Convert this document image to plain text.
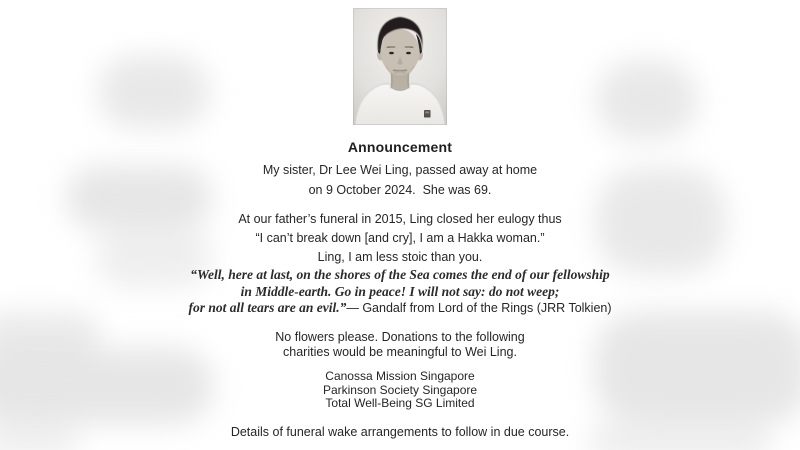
Announcement

My sister, Dr Lee Wei Ling, passed away at home
on 9 October 2024.  She was 69.

At our father’s funeral in 2015, Ling closed her eulogy thus
“I can’t break down [and cry], I am a Hakka woman.”
Ling, I am less stoic than you.

“Well, here at last, on the shores of the Sea comes the end of our fellowship
in Middle-earth. Go in peace! I will not say: do not weep;
for not all tears are an evil.”— Gandalf from Lord of the Rings (JRR Tolkien)

No flowers please. Donations to the following
charities would be meaningful to Wei Ling.

Canossa Mission Singapore
Parkinson Society Singapore
Total Well-Being SG Limited

Details of funeral wake arrangements to follow in due course.
